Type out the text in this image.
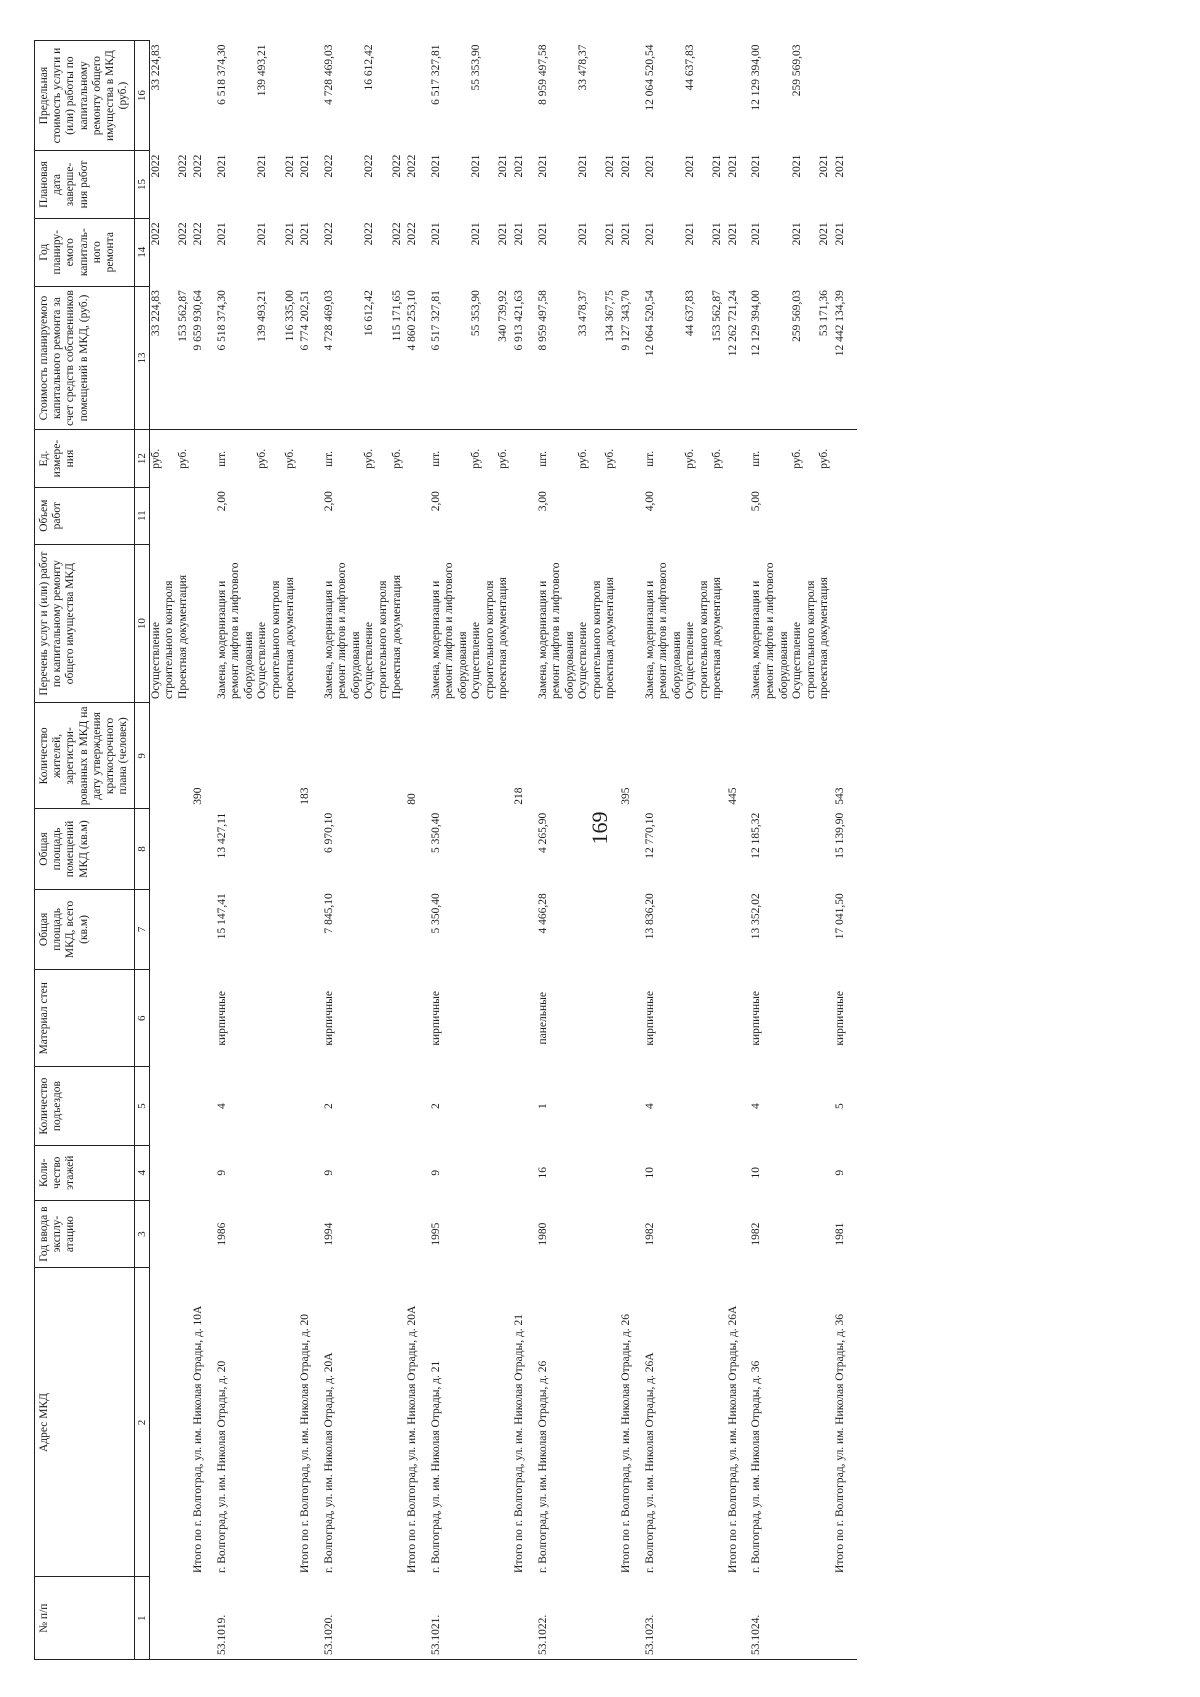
169
№ п/п	Адрес МКД	Год ввода в эксплу-атацию	Коли-чество этажей	Количество подъездов	Материал стен	Общая площадь МКД, всего (кв.м)	Общая площадь помещений МКД (кв.м)	Количество жителей, зарегистри-рованных в МКД на дату утверждения краткосрочного плана (человек)	Перечень услуг и (или) работ по капитальному ремонту общего имущества МКД	Объем работ	Ед. измере-ния	Стоимость планируемого капитального ремонта за счет средств собственников помещений в МКД, (руб.)	Год планиру-емого капиталь-ного ремонта	Плановая дата заверше-ния работ	Предельная стоимость услуги и (или) работы по капитальному ремонту общего имущества в МКД (руб.)
1	2	3	4	5	6	7	8	9	10	11	12	13	14	15	16
									Осуществление строительного контроля		руб.	33 224,83	2022	2022	33 224,83
									Проектная документация		руб.	153 562,87	2022	2022	
	Итого по г. Волгоград, ул. им. Николая Отрады, д. 10А							390				9 659 930,64	2022	2022	

53.1019.	г. Волгоград, ул. им. Николая Отрады, д. 20	1986	9	4	кирпичные	15 147,41	13 427,11		Замена, модернизация и ремонт лифтов и лифтового оборудования	2,00	шт.	6 518 374,30	2021	2021	6 518 374,30
									Осуществление строительного контроля		руб.	139 493,21	2021	2021	139 493,21
									проектная документация		руб.	116 335,00	2021	2021	
	Итого по г. Волгоград, ул. им. Николая Отрады, д. 20							183				6 774 202,51	2021	2021	

53.1020.	г. Волгоград, ул. им. Николая Отрады, д. 20А	1994	9	2	кирпичные	7 845,10	6 970,10		Замена, модернизация и ремонт лифтов и лифтового оборудования	2,00	шт.	4 728 469,03	2022	2022	4 728 469,03
									Осуществление строительного контроля		руб.	16 612,42	2022	2022	16 612,42
									Проектная документация		руб.	115 171,65	2022	2022	
	Итого по г. Волгоград, ул. им. Николая Отрады, д. 20А							80				4 860 253,10	2022	2022	

53.1021.	г. Волгоград, ул. им. Николая Отрады, д. 21	1995	9	2	кирпичные	5 350,40	5 350,40		Замена, модернизация и ремонт лифтов и лифтового оборудования	2,00	шт.	6 517 327,81	2021	2021	6 517 327,81
									Осуществление строительного контроля		руб.	55 353,90	2021	2021	55 353,90
									проектная документация		руб.	340 739,92	2021	2021	
	Итого по г. Волгоград, ул. им. Николая Отрады, д. 21							218				6 913 421,63	2021	2021	

53.1022.	г. Волгоград, ул. им. Николая Отрады, д. 26	1980	16	1	панельные	4 466,28	4 265,90		Замена, модернизация и ремонт лифтов и лифтового оборудования	3,00	шт.	8 959 497,58	2021	2021	8 959 497,58
									Осуществление строительного контроля		руб.	33 478,37	2021	2021	33 478,37
									проектная документация		руб.	134 367,75	2021	2021	
	Итого по г. Волгоград, ул. им. Николая Отрады, д. 26							395				9 127 343,70	2021	2021	

53.1023.	г. Волгоград, ул. им. Николая Отрады, д. 26А	1982	10	4	кирпичные	13 836,20	12 770,10		Замена, модернизация и ремонт лифтов и лифтового оборудования	4,00	шт.	12 064 520,54	2021	2021	12 064 520,54
									Осуществление строительного контроля		руб.	44 637,83	2021	2021	44 637,83
									проектная документация		руб.	153 562,87	2021	2021	
	Итого по г. Волгоград, ул. им. Николая Отрады, д. 26А							445				12 262 721,24	2021	2021	

53.1024.	г. Волгоград, ул. им. Николая Отрады, д. 36	1982	10	4	кирпичные	13 352,02	12 185,32		Замена, модернизация и ремонт лифтов и лифтового оборудования	5,00	шт.	12 129 394,00	2021	2021	12 129 394,00
									Осуществление строительного контроля		руб.	259 569,03	2021	2021	259 569,03
									проектная документация		руб.	53 171,36	2021	2021	
	Итого по г. Волгоград, ул. им. Николая Отрады, д. 36	1981	9	5	кирпичные	17 041,50	15 139,90	543				12 442 134,39	2021	2021	
